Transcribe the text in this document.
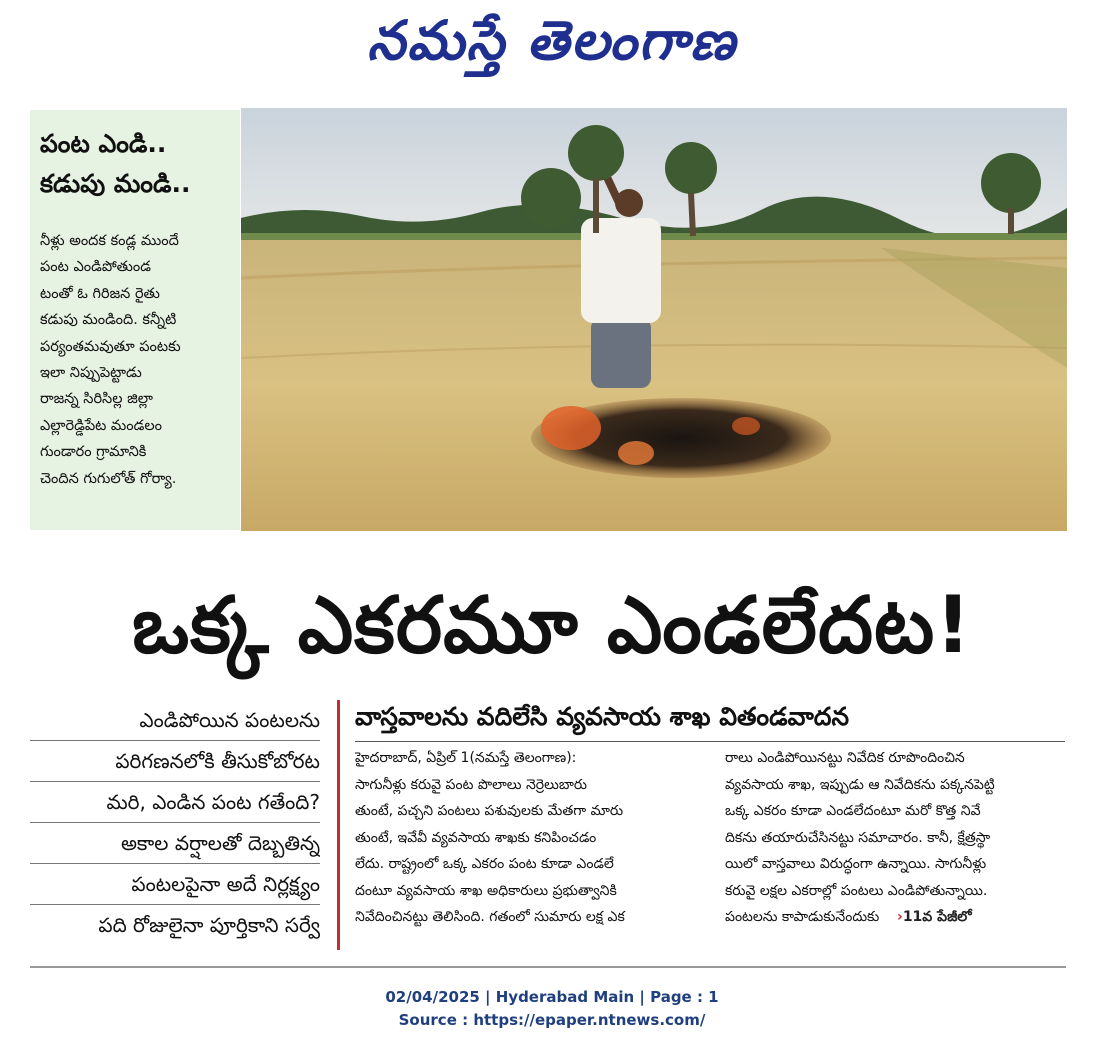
నమస్తే తెలంగాణ
పంట ఎండి..
కడుపు మండి..
నీళ్లు అందక కండ్ల ముందే
పంట ఎండిపోతుండ
టంతో ఓ గిరిజన రైతు
కడుపు మండింది. కన్నీటి
పర్యంతమవుతూ పంటకు
ఇలా నిప్పుపెట్టాడు
రాజన్న సిరిసిల్ల జిల్లా
ఎల్లారెడ్డిపేట మండలం
గుండారం గ్రామానికి
చెందిన గుగులోత్ గోర్యా.
ఒక్క ఎకరమూ ఎండలేదట!
ఎండిపోయిన పంటలను
పరిగణనలోకి తీసుకోబోరట
మరి, ఎండిన పంట గతేంది?
అకాల వర్షాలతో దెబ్బతిన్న
పంటలపైనా అదే నిర్లక్ష్యం
పది రోజులైనా పూర్తికాని సర్వే
వాస్తవాలను వదిలేసి వ్యవసాయ శాఖ వితండవాదన
హైదరాబాద్, ఏప్రిల్ 1(నమస్తే తెలంగాణ):
సాగునీళ్లు కరువై పంట పొలాలు నెర్రెలుబారు
తుంటే, పచ్చని పంటలు పశువులకు మేతగా మారు
తుంటే, ఇవేవీ వ్యవసాయ శాఖకు కనిపించడం
లేదు. రాష్ట్రంలో ఒక్క ఎకరం పంట కూడా ఎండలే
దంటూ వ్యవసాయ శాఖ అధికారులు ప్రభుత్వానికి
నివేదించినట్టు తెలిసింది. గతంలో సుమారు లక్ష ఎక
రాలు ఎండిపోయినట్టు నివేదిక రూపొందించిన
వ్యవసాయ శాఖ, ఇప్పుడు ఆ నివేదికను పక్కనపెట్టి
ఒక్క ఎకరం కూడా ఎండలేదంటూ మరో కొత్త నివే
దికను తయారుచేసినట్టు సమాచారం. కానీ, క్షేత్రస్థా
యిలో వాస్తవాలు విరుద్ధంగా ఉన్నాయి. సాగునీళ్లు
కరువై లక్షల ఎకరాల్లో పంటలు ఎండిపోతున్నాయి.
పంటలను కాపాడుకునేందుకు ›11వ పేజీలో
02/04/2025 | Hyderabad Main | Page : 1
Source : https://epaper.ntnews.com/
